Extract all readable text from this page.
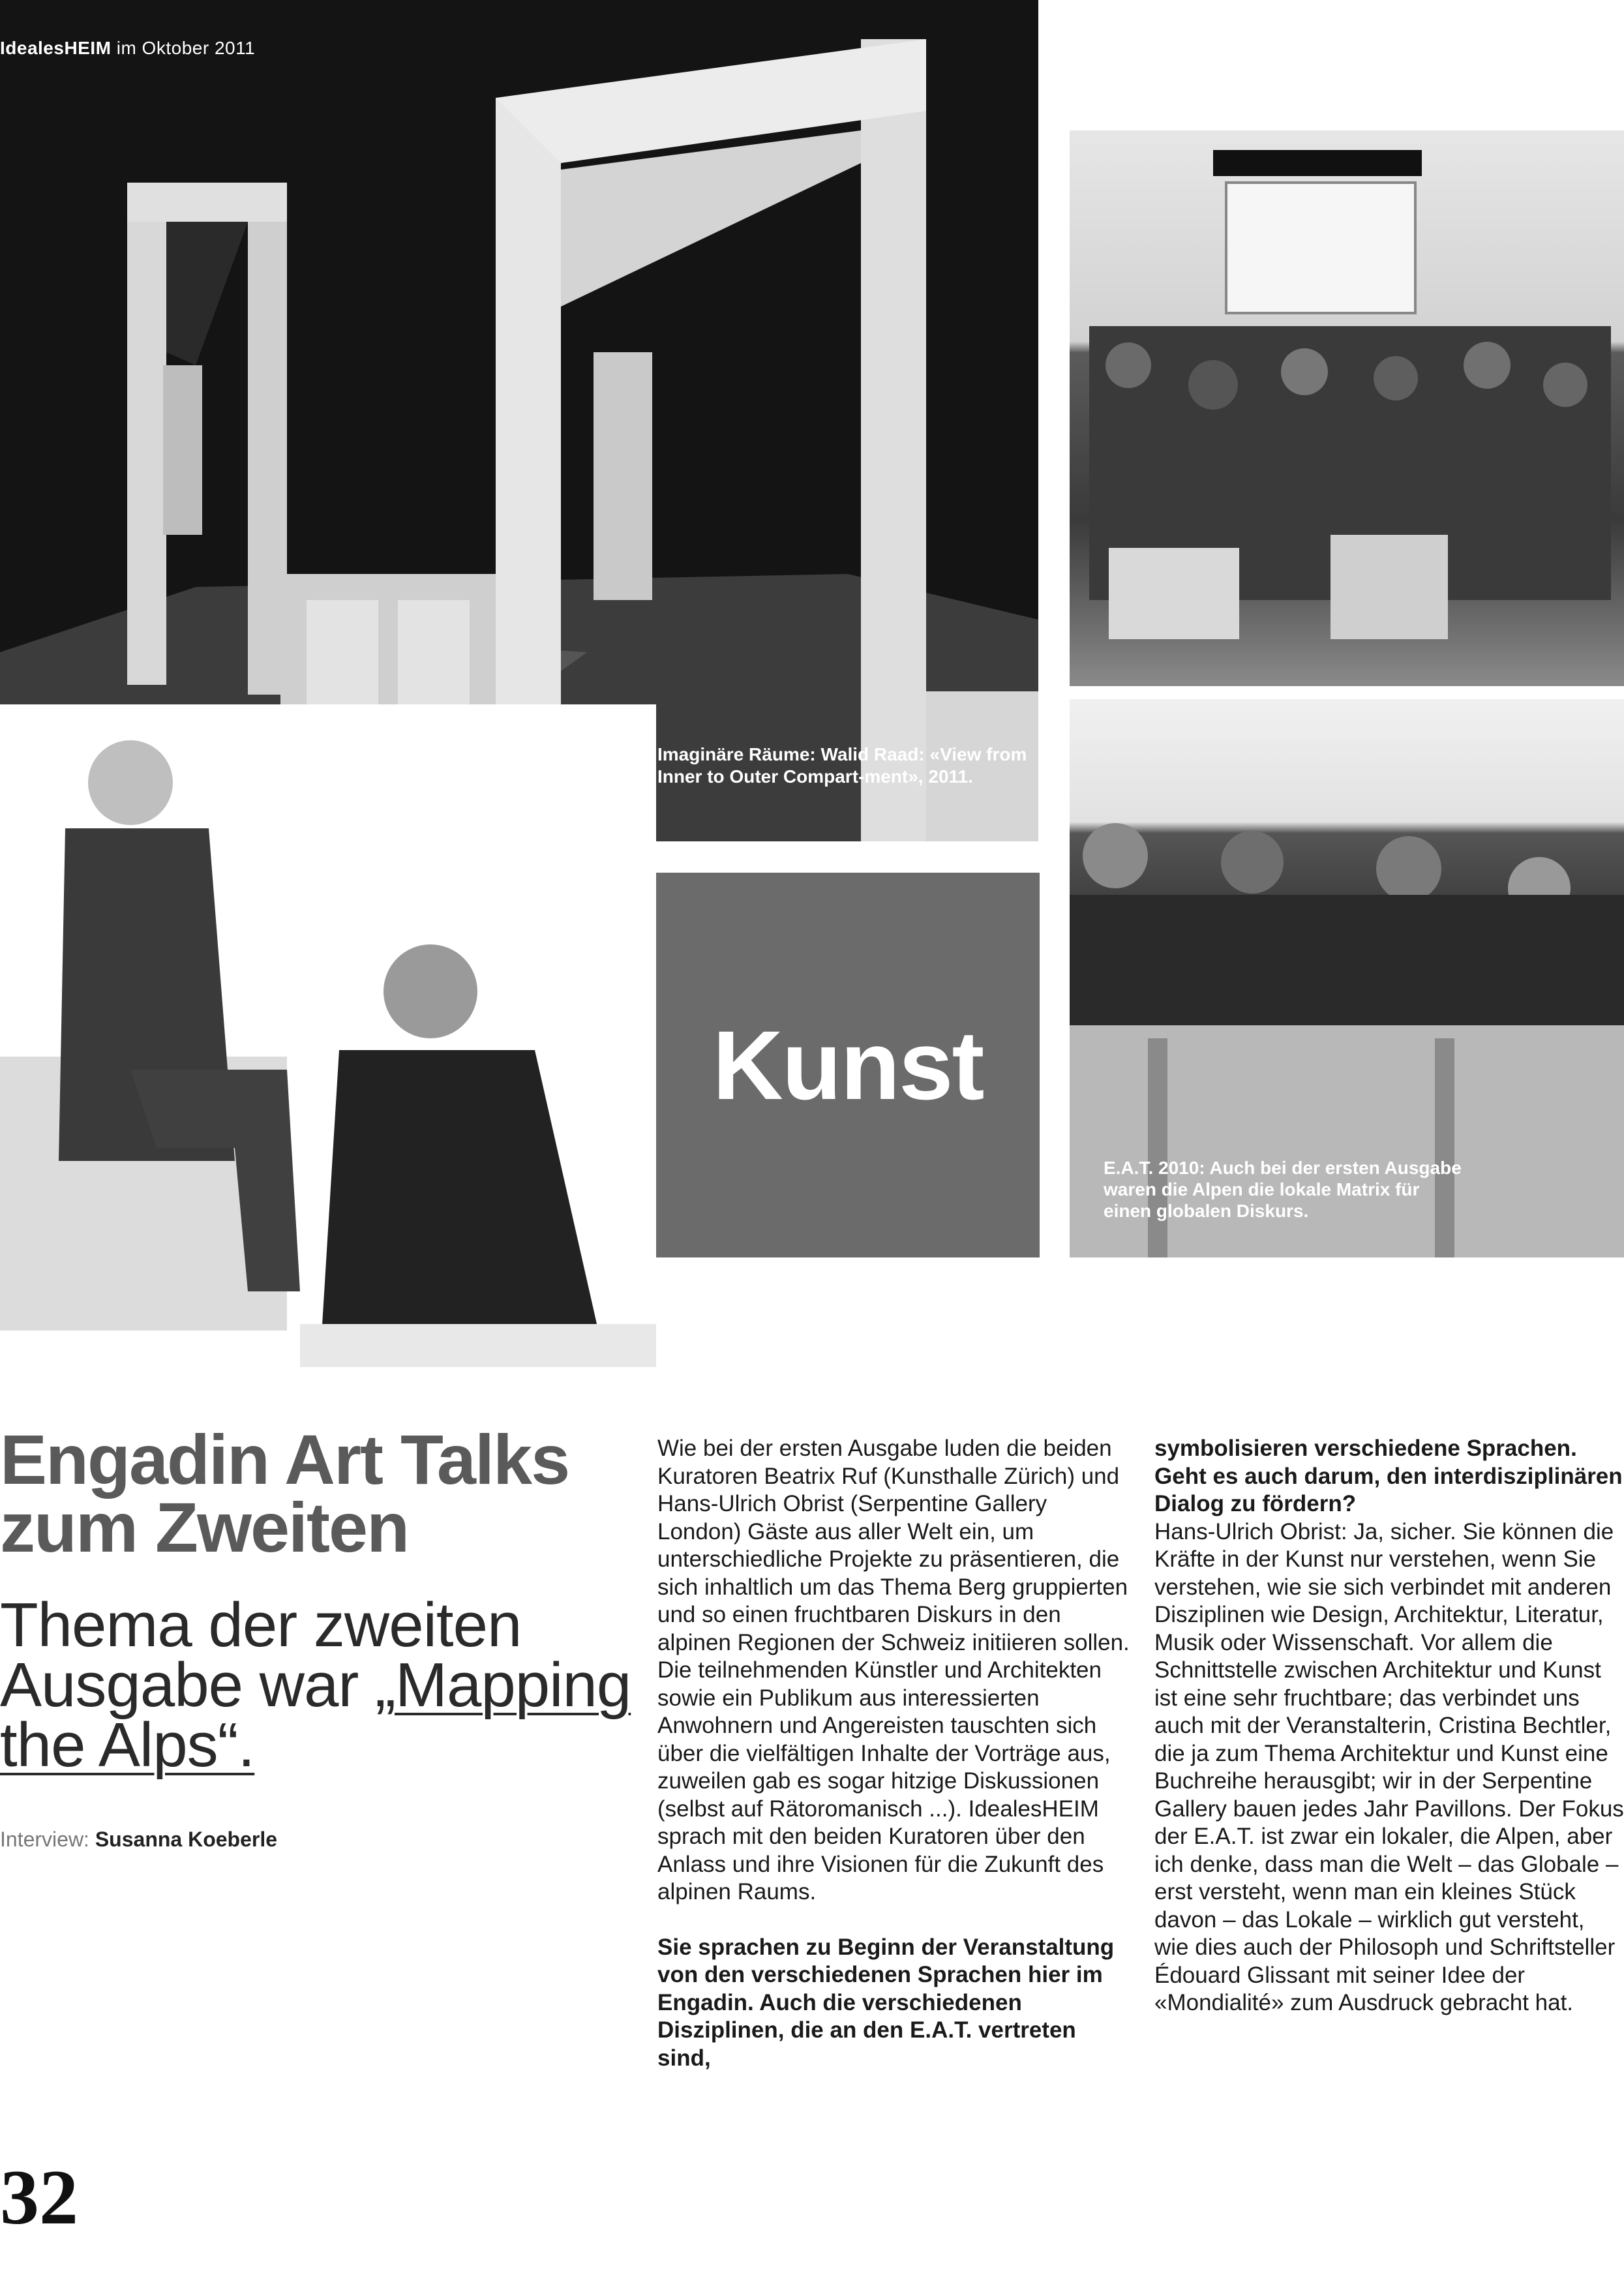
IdealesHEIM im Oktober 2011
Imaginäre Räume: Walid Raad: «View from Inner to Outer Compart-ment», 2011.
E.A.T. 2010: Auch bei der ersten Ausgabe waren die Alpen die lokale Matrix für einen globalen Diskurs.
Kunst
Engadin Art Talks zum Zweiten
Thema der zweiten Ausgabe war „Mapping the Alps“.
Interview: Susanna Koeberle

Wie bei der ersten Ausgabe luden die beiden Kuratoren Beatrix Ruf (Kunsthalle Zürich) und Hans-Ulrich Obrist (Serpentine Gallery London) Gäste aus aller Welt ein, um unterschiedliche Projekte zu präsentieren, die sich inhaltlich um das Thema Berg gruppierten und so einen fruchtbaren Diskurs in den alpinen Regionen der Schweiz initiieren sollen. Die teilnehmenden Künstler und Architekten sowie ein Publikum aus interessierten Anwohnern und Angereisten tauschten sich über die vielfältigen Inhalte der Vorträge aus, zuweilen gab es sogar hitzige Diskussionen (selbst auf Rätoromanisch ...). IdealesHEIM sprach mit den beiden Kuratoren über den Anlass und ihre Visionen für die Zukunft des alpinen Raums.

Sie sprachen zu Beginn der Veranstaltung von den verschiedenen Sprachen hier im Engadin. Auch die verschiedenen Disziplinen, die an den E.A.T. vertreten sind,

symbolisieren verschiedene Sprachen. Geht es auch darum, den interdisziplinären Dialog zu fördern?

Hans-Ulrich Obrist: Ja, sicher. Sie können die Kräfte in der Kunst nur verstehen, wenn Sie verstehen, wie sie sich verbindet mit anderen Disziplinen wie Design, Architektur, Literatur, Musik oder Wissenschaft. Vor allem die Schnittstelle zwischen Architektur und Kunst ist eine sehr fruchtbare; das verbindet uns auch mit der Veranstalterin, Cristina Bechtler, die ja zum Thema Architektur und Kunst eine Buchreihe herausgibt; wir in der Serpentine Gallery bauen jedes Jahr Pavillons. Der Fokus der E.A.T. ist zwar ein lokaler, die Alpen, aber ich denke, dass man die Welt – das Globale – erst versteht, wenn man ein kleines Stück davon – das Lokale – wirklich gut versteht, wie dies auch der Philosoph und Schriftsteller Édouard Glissant mit seiner Idee der «Mondialité» zum Ausdruck gebracht hat.

32
